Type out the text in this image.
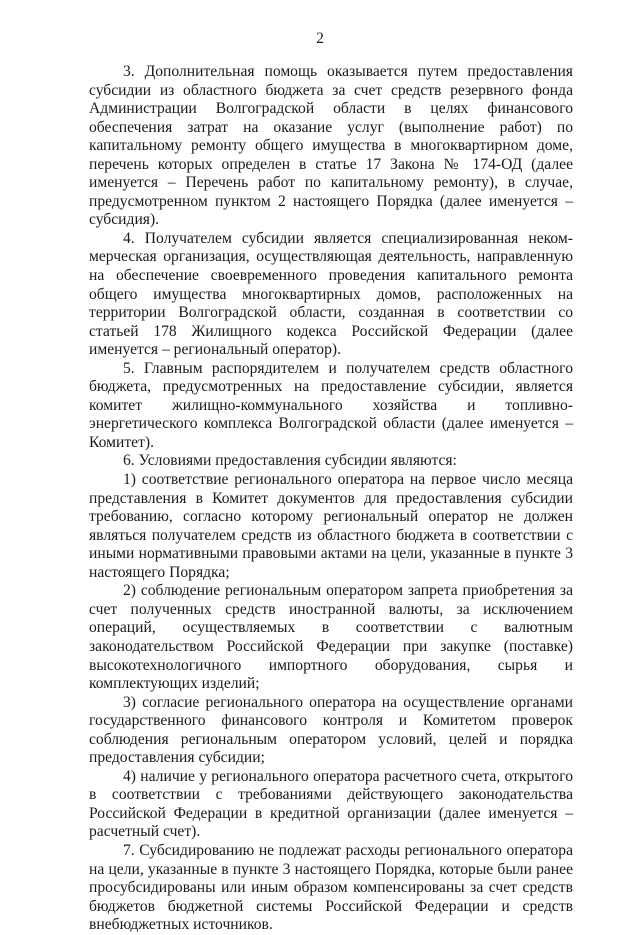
2

3. Дополнительная помощь оказывается путем предоставления субсидии из областного бюджета за счет средств резервного фонда Администрации Волгоградской области в целях финансового обеспечения затрат на оказание услуг (выполнение работ) по капитальному ремонту общего имущества в многоквартирном доме, перечень которых определен в статье 17 Закона № 174-ОД (далее именуется – Перечень работ по капитальному ремонту), в случае, предусмотренном пунктом 2 настоящего Порядка (далее именуется – субсидия).

4. Получателем субсидии является специализированная некоммерческая организация, осуществляющая деятельность, направленную на обеспечение своевременного проведения капитального ремонта общего имущества многоквартирных домов, расположенных на территории Волгоградской области, созданная в соответствии со статьей 178 Жилищного кодекса Российской Федерации (далее именуется – региональный оператор).

5. Главным распорядителем и получателем средств областного бюджета, предусмотренных на предоставление субсидии, является комитет жилищно-коммунального хозяйства и топливно-энергетического комплекса Волгоградской области (далее именуется – Комитет).

6. Условиями предоставления субсидии являются:

1) соответствие регионального оператора на первое число месяца представления в Комитет документов для предоставления субсидии требованию, согласно которому региональный оператор не должен являться получателем средств из областного бюджета в соответствии с иными нормативными правовыми актами на цели, указанные в пункте 3 настоящего Порядка;

2) соблюдение региональным оператором запрета приобретения за счет полученных средств иностранной валюты, за исключением операций, осуществляемых в соответствии с валютным законодательством Российской Федерации при закупке (поставке) высокотехнологичного импортного оборудования, сырья и комплектующих изделий;

3) согласие регионального оператора на осуществление органами государственного финансового контроля и Комитетом проверок соблюдения региональным оператором условий, целей и порядка предоставления субсидии;

4) наличие у регионального оператора расчетного счета, открытого в соответствии с требованиями действующего законодательства Российской Федерации в кредитной организации (далее именуется – расчетный счет).

7. Субсидированию не подлежат расходы регионального оператора на цели, указанные в пункте 3 настоящего Порядка, которые были ранее просубсидированы или иным образом компенсированы за счет средств бюджетов бюджетной системы Российской Федерации и средств внебюджетных источников.
